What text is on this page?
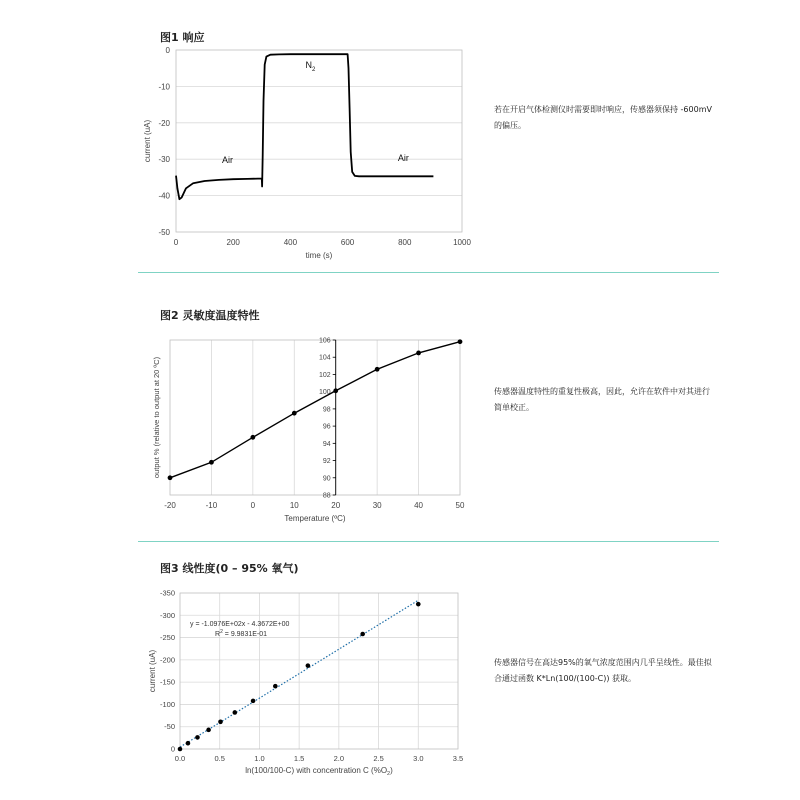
图1 响应
0
-10
-20
-30
-40
-50
0	200	400	600	800	1000
time (s)
current (uA)	Air
$N_2$
Air
若在开启气体检测仪时需要即时响应，传感器须保持 -600mV的偏压。
图2 灵敏度温度特性
-20	-10	0	10	20	30	40	50
88
90
92
94
96
98
100
102
104
106
Temperature (ºC)
output % (relative to output at 20 ºC)	传感器温度特性的重复性极高，因此，允许在软件中对其进行简单校正。
图3 线性度(0 – 95% 氧气)
0.0	0.5	1.0	1.5	2.0	2.5	3.0	3.5
0
-50
-100
-150
-200
-250
-300
-350
ln(100/100-C) with concentration C $(\%O_2)$
current (uA)
y = -1.0976E+02x - 4.3672E+00
$R^2 = 9.9831E-01$
传感器信号在高达95%的氧气浓度范围内几乎呈线性。最佳拟合通过函数 K*Ln(100/(100-C)) 获取。
